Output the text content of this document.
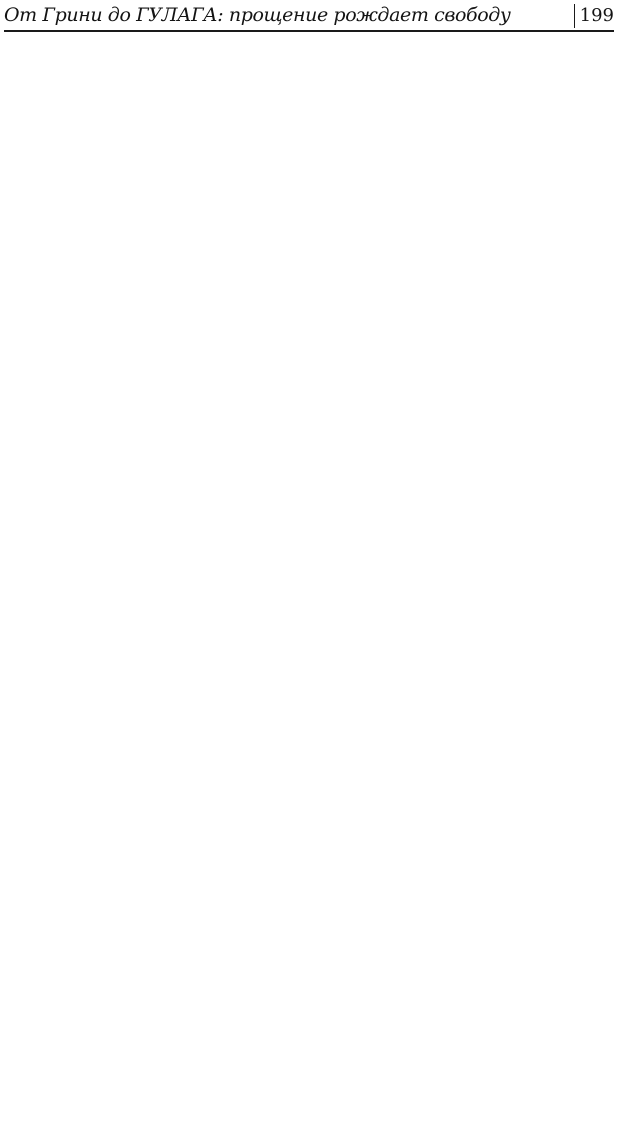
От Грини до ГУЛАГА: прощение рождает свободу	199
